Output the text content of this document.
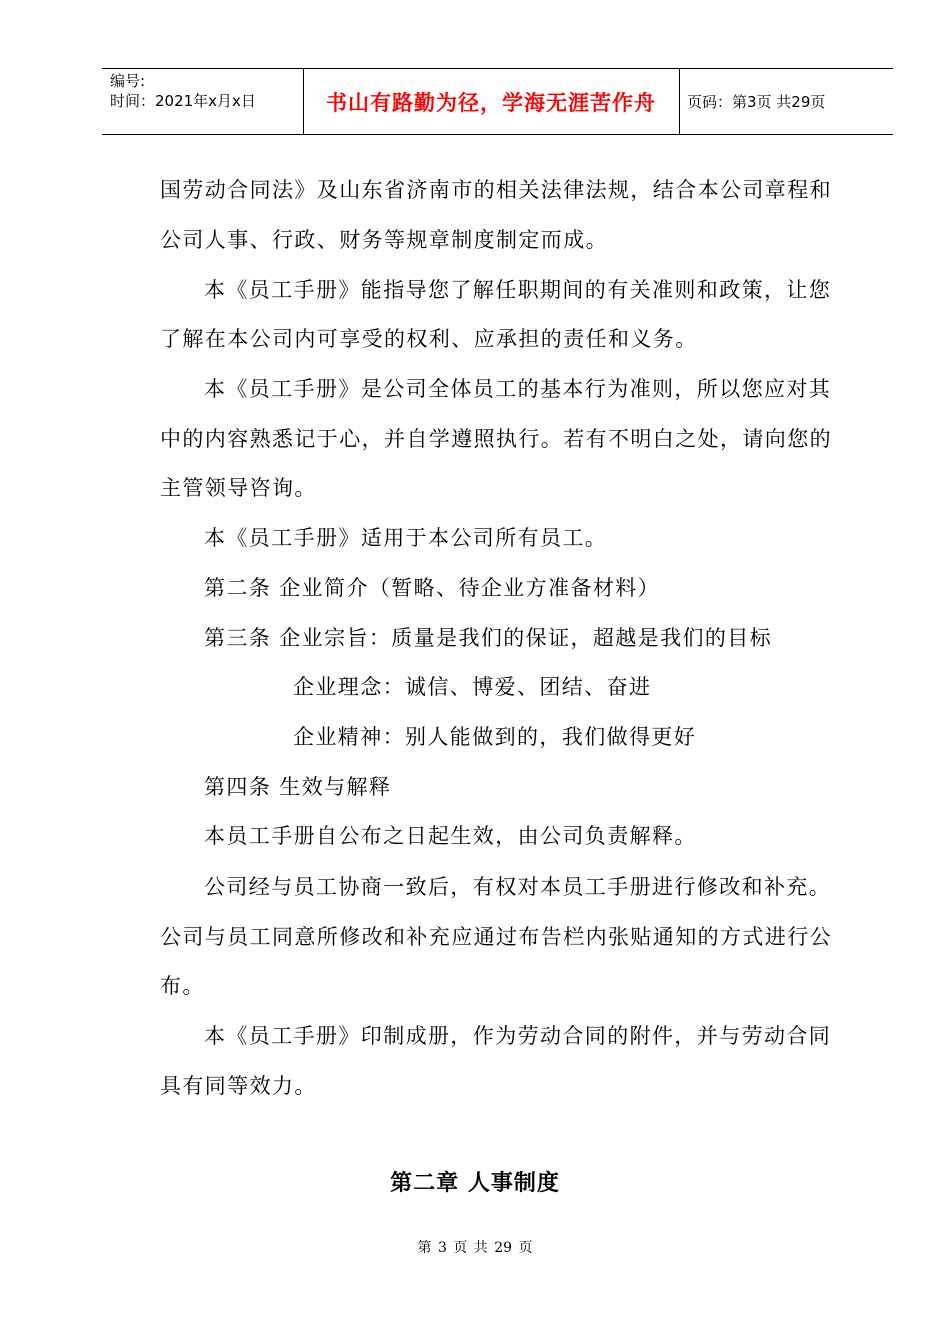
编号:
时间：2021年x月x日	书山有路勤为径，学海无涯苦作舟	页码：第3页 共29页
国劳动合同法》及山东省济南市的相关法律法规，结合本公司章程和
公司人事、行政、财务等规章制度制定而成。
本《员工手册》能指导您了解任职期间的有关准则和政策，让您
了解在本公司内可享受的权利、应承担的责任和义务。
本《员工手册》是公司全体员工的基本行为准则，所以您应对其
中的内容熟悉记于心，并自学遵照执行。若有不明白之处，请向您的
主管领导咨询。
本《员工手册》适用于本公司所有员工。
第二条 企业简介（暂略、待企业方准备材料）
第三条 企业宗旨：质量是我们的保证，超越是我们的目标
企业理念：诚信、博爱、团结、奋进
企业精神：别人能做到的，我们做得更好
第四条 生效与解释
本员工手册自公布之日起生效，由公司负责解释。
公司经与员工协商一致后，有权对本员工手册进行修改和补充。
公司与员工同意所修改和补充应通过布告栏内张贴通知的方式进行公
布。
本《员工手册》印制成册，作为劳动合同的附件，并与劳动合同
具有同等效力。
第二章 人事制度
第 3 页 共 29 页
